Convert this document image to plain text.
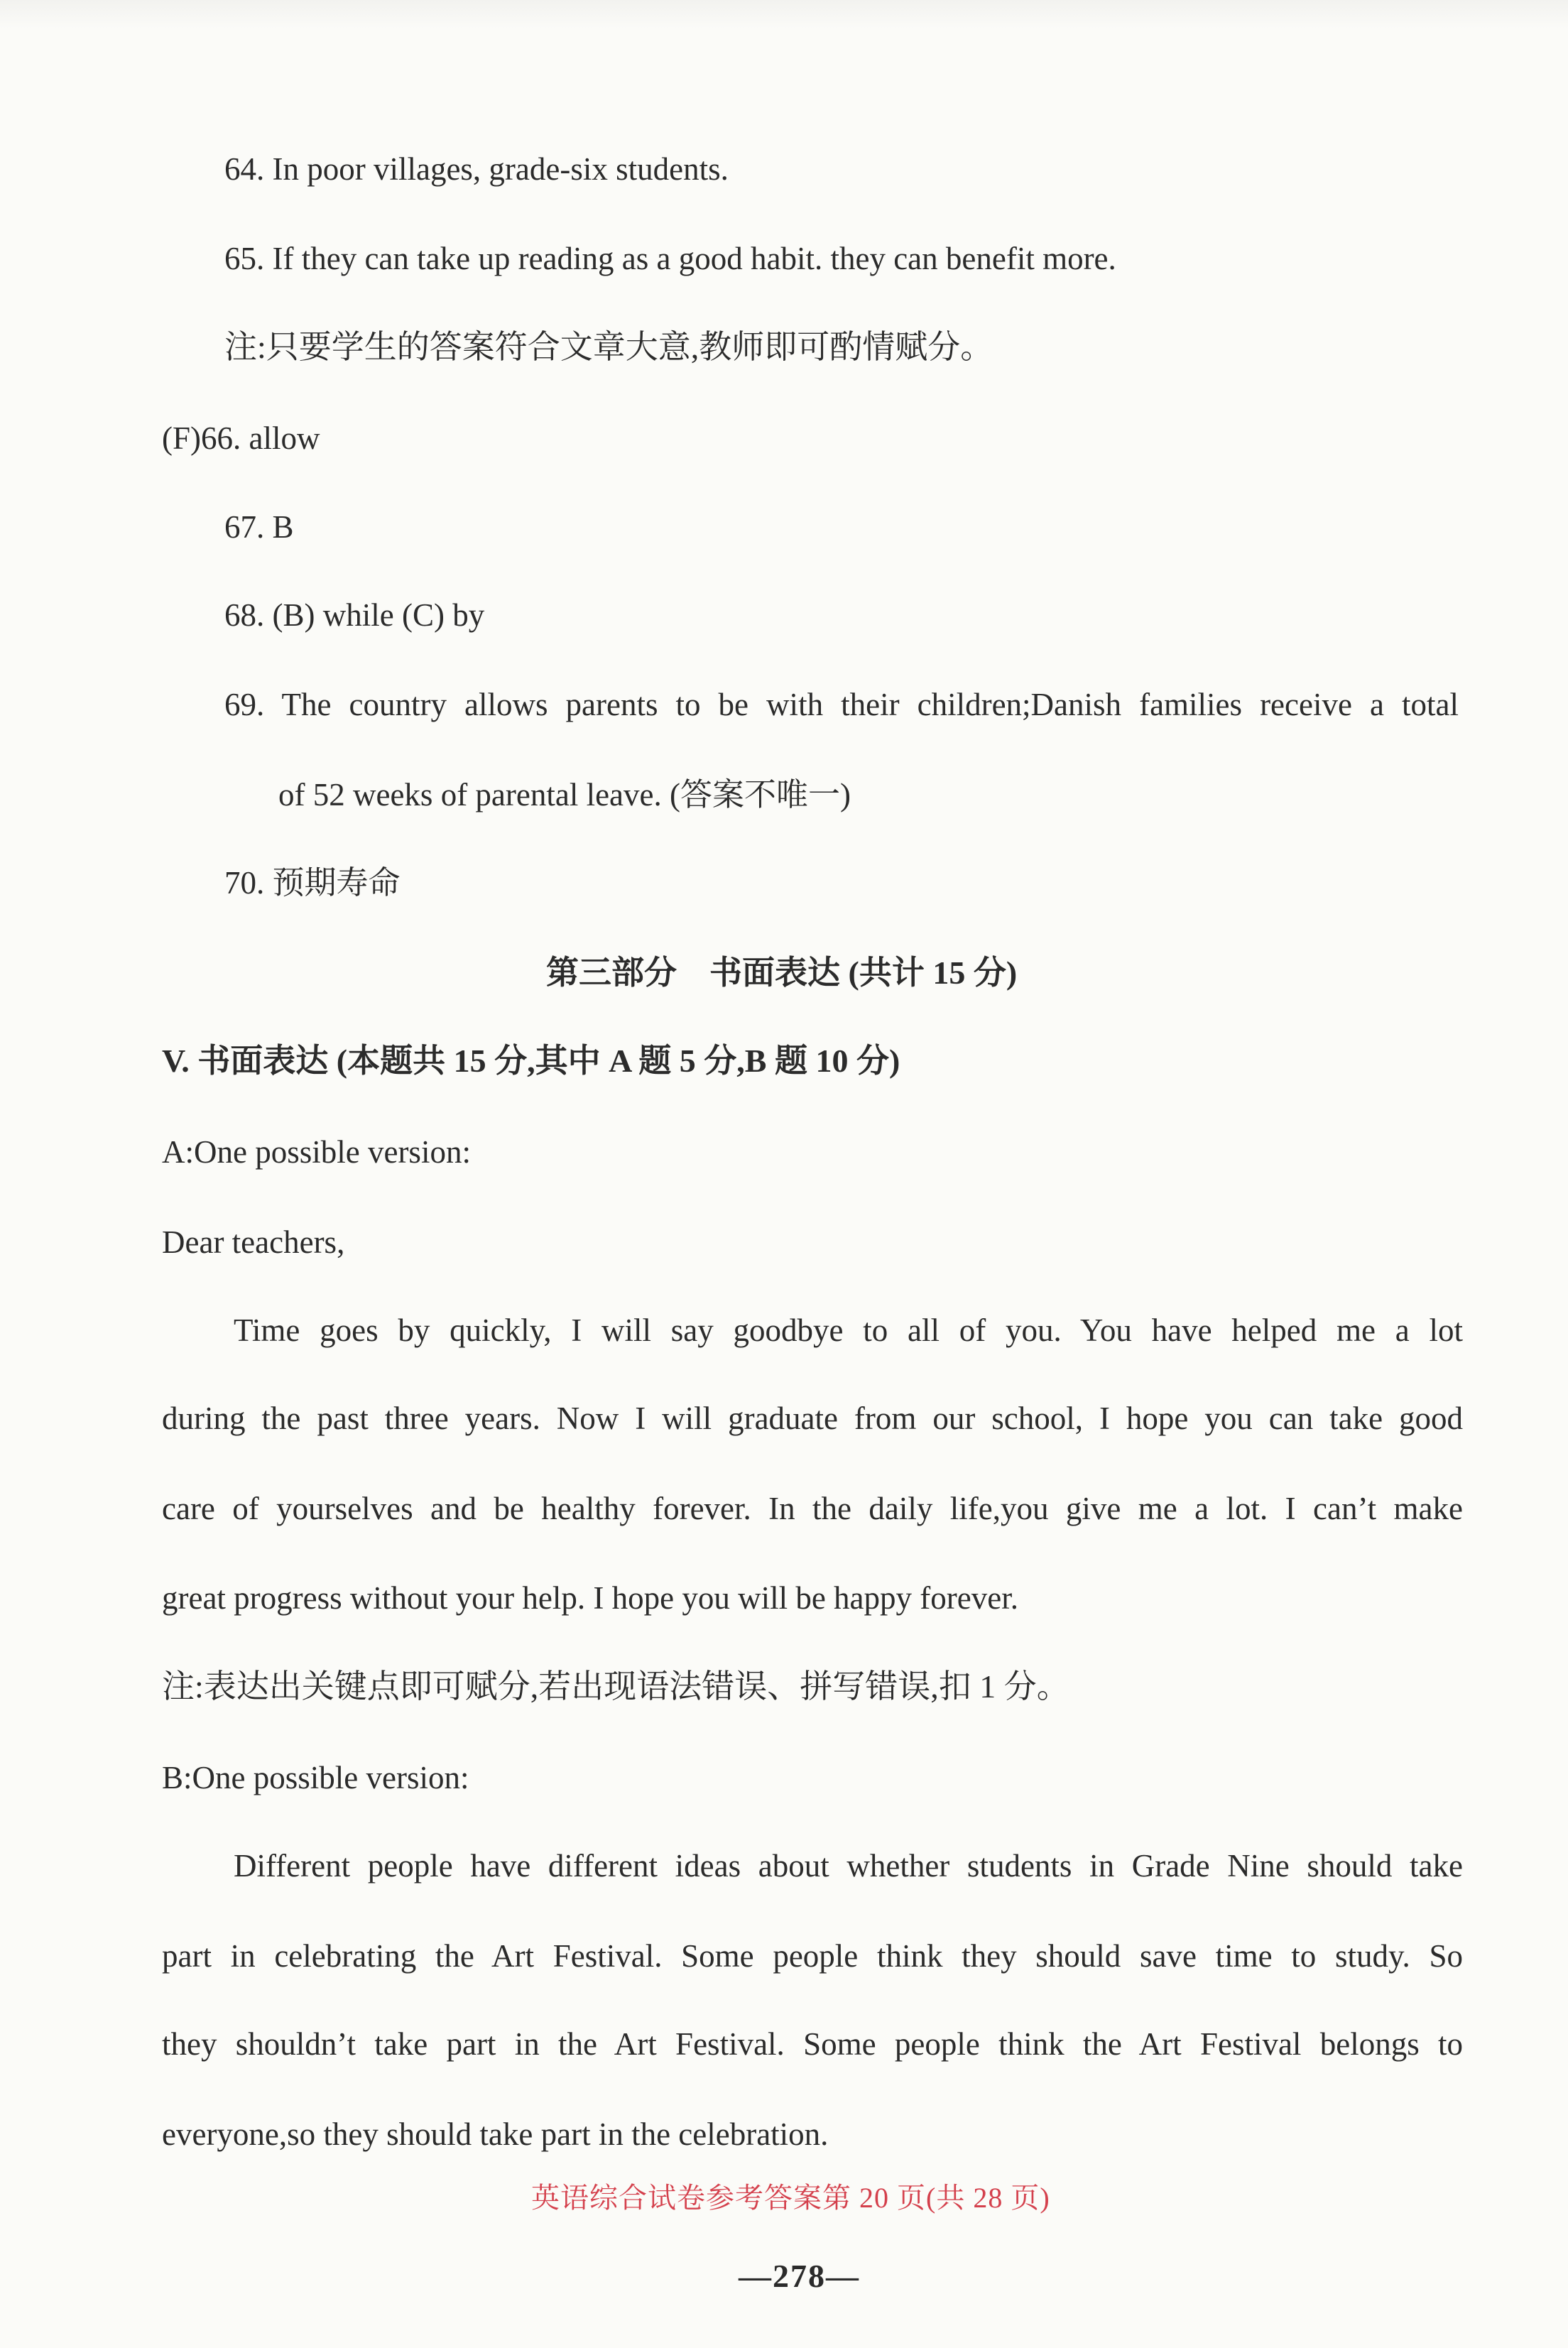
64. In poor villages, grade-six students.
65. If they can take up reading as a good habit. they can benefit more.
注:只要学生的答案符合文章大意,教师即可酌情赋分。
(F)66. allow
67. B
68. (B) while (C) by
69. The country allows parents to be with their children;Danish families receive a total
of 52 weeks of parental leave. (答案不唯一)
70. 预期寿命
第三部分　书面表达 (共计 15 分)
V. 书面表达 (本题共 15 分,其中 A 题 5 分,B 题 10 分)
A:One possible version:
Dear teachers,
Time goes by quickly, I will say goodbye to all of you. You have helped me a lot
during the past three years. Now I will graduate from our school, I hope you can take good
care of yourselves and be healthy forever. In the daily life,you give me a lot. I can’t make
great progress without your help. I hope you will be happy forever.
注:表达出关键点即可赋分,若出现语法错误、拼写错误,扣 1 分。
B:One possible version:
Different people have different ideas about whether students in Grade Nine should take
part in celebrating the Art Festival. Some people think they should save time to study. So
they shouldn’t take part in the Art Festival. Some people think the Art Festival belongs to
everyone,so they should take part in the celebration.
英语综合试卷参考答案第 20 页(共 28 页)
—278—
